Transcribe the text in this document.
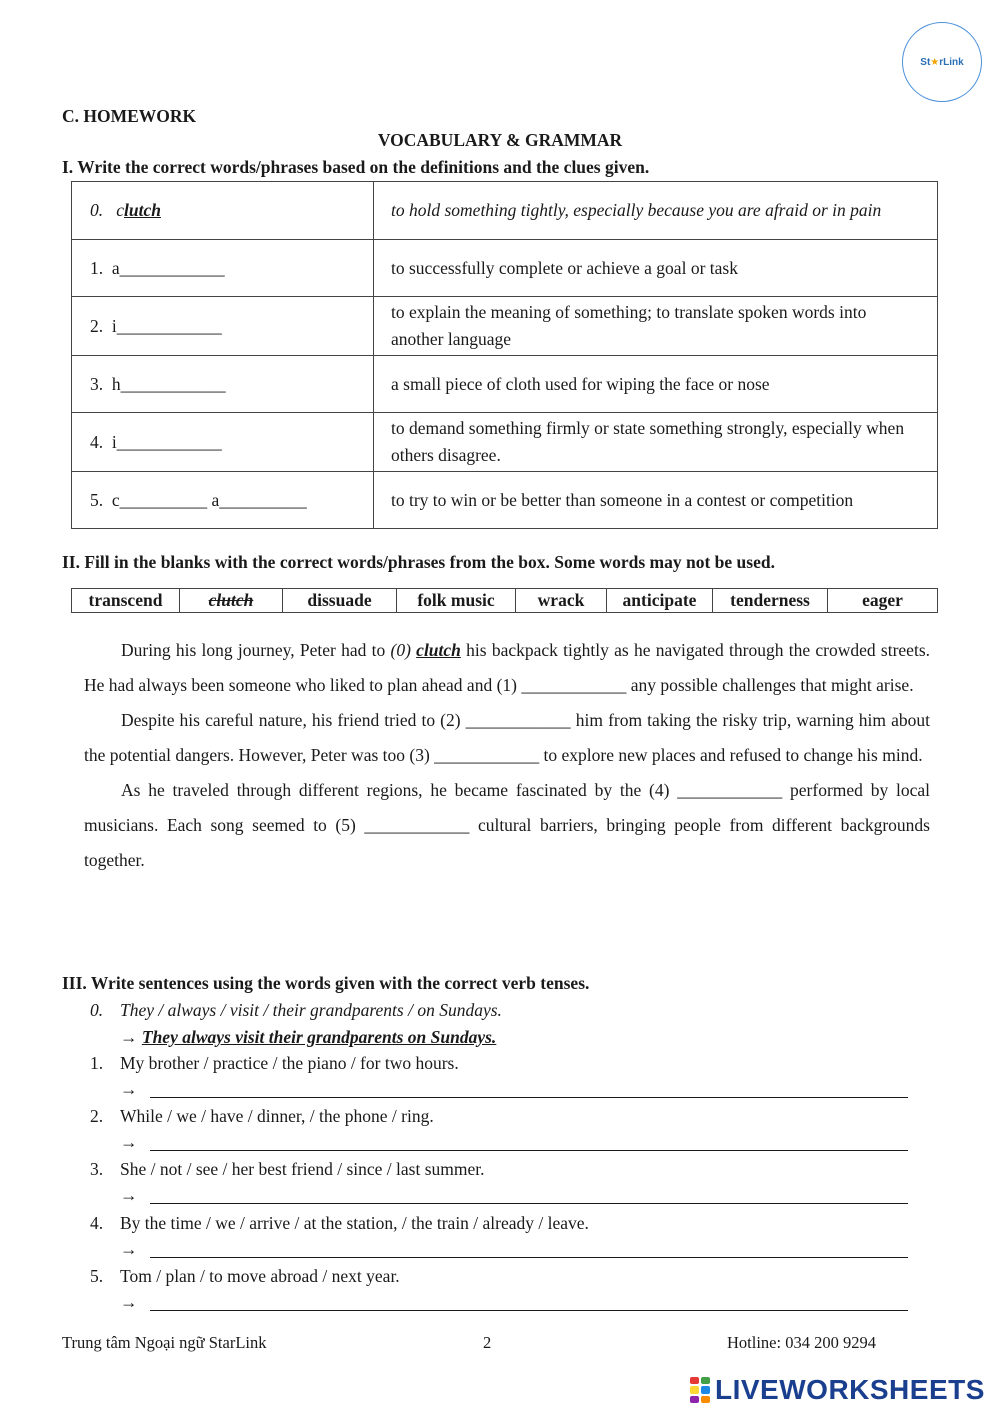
St★rLink
C. HOMEWORK
VOCABULARY & GRAMMAR
I. Write the correct words/phrases based on the definitions and the clues given.
0. clutch	to hold something tightly, especially because you are afraid or in pain
1. a____________	to successfully complete or achieve a goal or task
2. i____________	to explain the meaning of something; to translate spoken words into another language
3. h____________	a small piece of cloth used for wiping the face or nose
4. i____________	to demand something firmly or state something strongly, especially when others disagree.
5. c__________ a__________	to try to win or be better than someone in a contest or competition
II. Fill in the blanks with the correct words/phrases from the box. Some words may not be used.
transcend	clutch	dissuade	folk music	wrack	anticipate	tenderness	eager

During his long journey, Peter had to (0) clutch his backpack tightly as he navigated through the crowded streets. He had always been someone who liked to plan ahead and (1) ____________ any possible challenges that might arise.

Despite his careful nature, his friend tried to (2) ____________ him from taking the risky trip, warning him about the potential dangers. However, Peter was too (3) ____________ to explore new places and refused to change his mind.

As he traveled through different regions, he became fascinated by the (4) ____________ performed by local musicians. Each song seemed to (5) ____________ cultural barriers, bringing people from different backgrounds together.

III. Write sentences using the words given with the correct verb tenses.
0. They / always / visit / their grandparents / on Sundays.
→ They always visit their grandparents on Sundays.
1. My brother / practice / the piano / for two hours.
→
2. While / we / have / dinner, / the phone / ring.
→
3. She / not / see / her best friend / since / last summer.
→
4. By the time / we / arrive / at the station, / the train / already / leave.
→
5. Tom / plan / to move abroad / next year.
→
Trung tâm Ngoại ngữ StarLink	2	Hotline: 034 200 9294
LIVEWORKSHEETS
